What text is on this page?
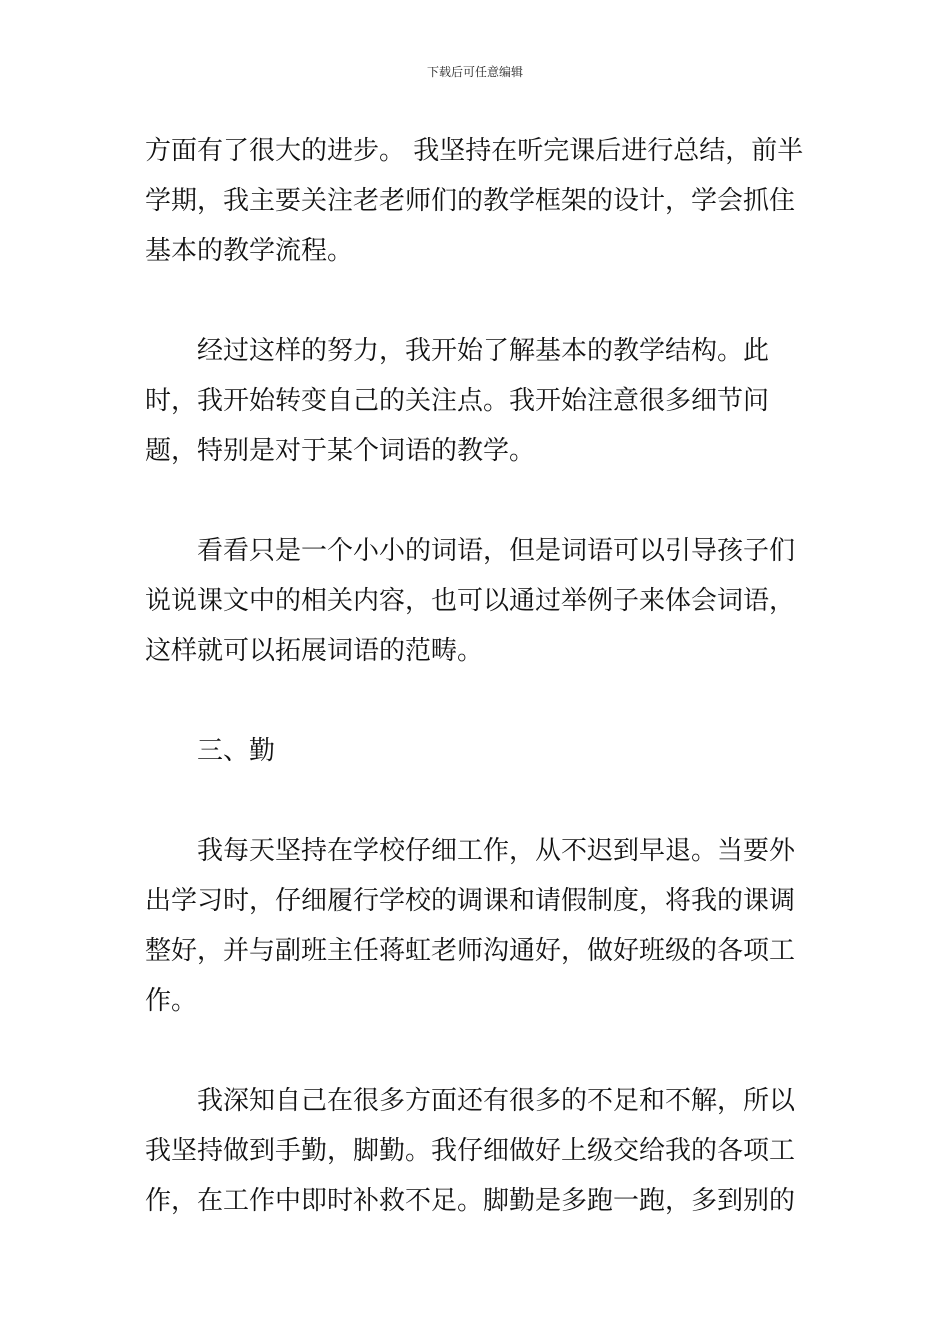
下载后可任意编辑

方面有了很大的进步。 我坚持在听完课后进行总结，前半学期，我主要关注老老师们的教学框架的设计，学会抓住基本的教学流程。

经过这样的努力，我开始了解基本的教学结构。此时，我开始转变自己的关注点。我开始注意很多细节问题，特别是对于某个词语的教学。

看看只是一个小小的词语，但是词语可以引导孩子们说说课文中的相关内容，也可以通过举例子来体会词语，这样就可以拓展词语的范畴。

三、勤

我每天坚持在学校仔细工作，从不迟到早退。当要外出学习时，仔细履行学校的调课和请假制度，将我的课调整好，并与副班主任蒋虹老师沟通好，做好班级的各项工作。

我深知自己在很多方面还有很多的不足和不解，所以我坚持做到手勤，脚勤。我仔细做好上级交给我的各项工作，在工作中即时补救不足。脚勤是多跑一跑，多到别的
